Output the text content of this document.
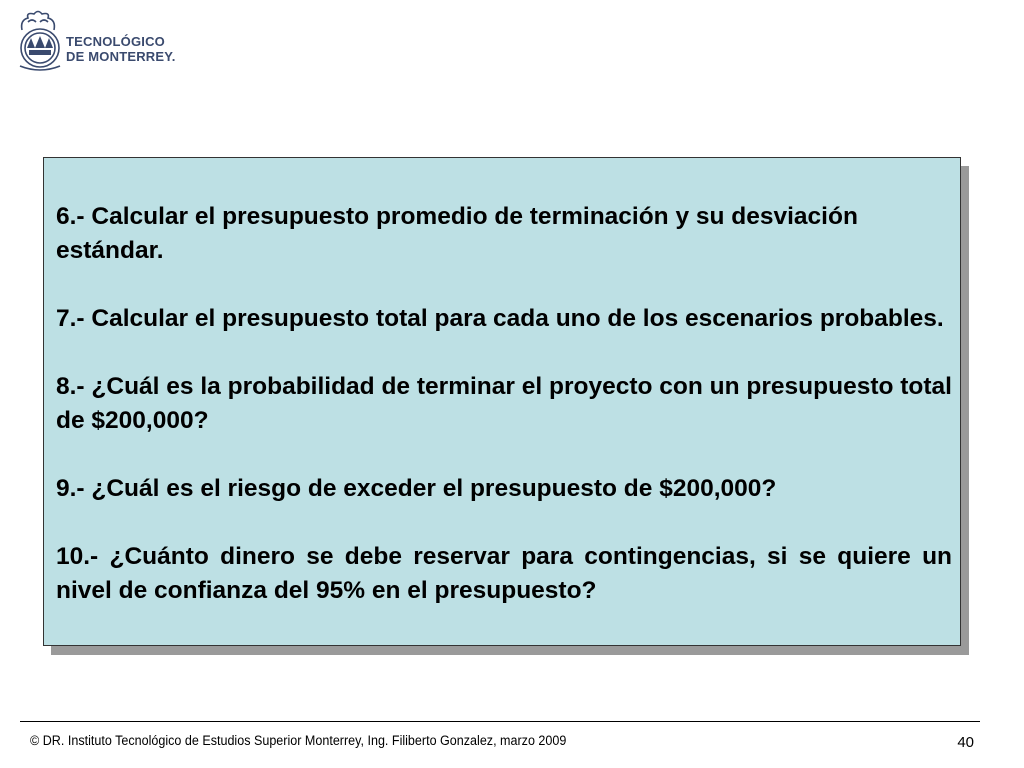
TECNOLÓGICO
DE MONTERREY.
6.- Calcular el presupuesto promedio de terminación y su desviación estándar.
7.- Calcular el presupuesto total para cada uno de los escenarios probables.
8.- ¿Cuál es la probabilidad de terminar el proyecto con un presupuesto total de $200,000?
9.- ¿Cuál es el riesgo de exceder el presupuesto de $200,000?
10.- ¿Cuánto dinero se debe reservar para contingencias, si se quiere un nivel de confianza del 95% en el presupuesto?
© DR. Instituto Tecnológico de Estudios Superior Monterrey, Ing. Filiberto Gonzalez, marzo 2009	40
